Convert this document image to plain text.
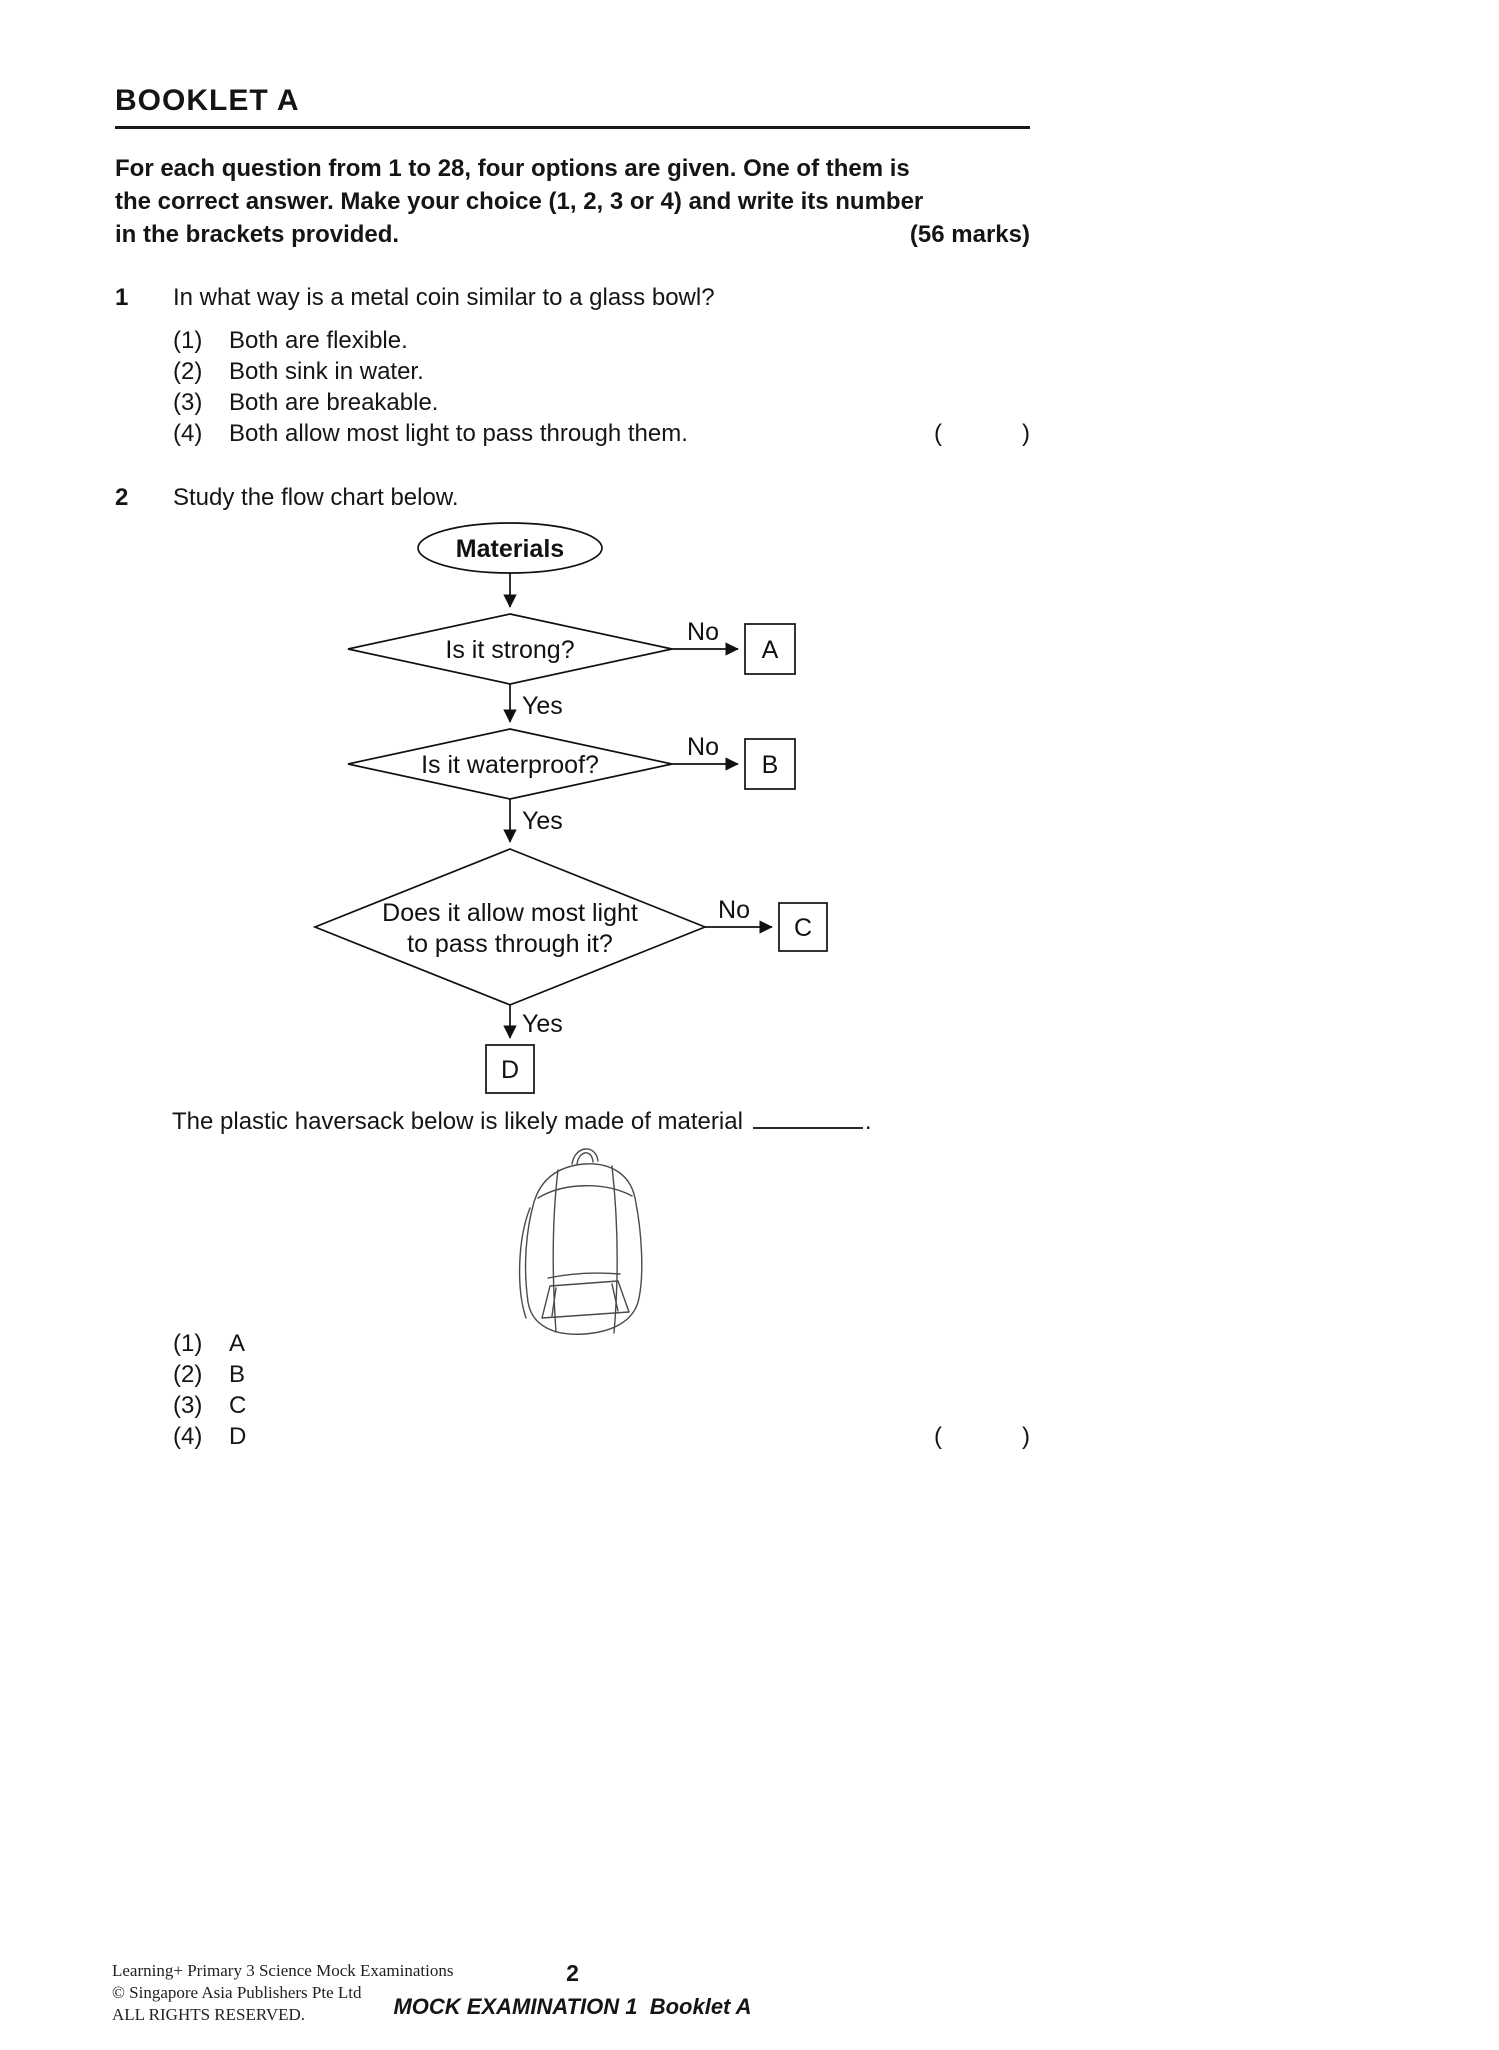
BOOKLET A
For each question from 1 to 28, four options are given. One of them is
the correct answer. Make your choice (1, 2, 3 or 4) and write its number
in the brackets provided.	(56 marks)
1	In what way is a metal coin similar to a glass bowl?
(1)	Both are flexible.
(2)	Both sink in water.
(3)	Both are breakable.
(4)	Both allow most light to pass through them.	(            )
2	Study the flow chart below.
Materials
Is it strong?
Is it waterproof?
Does it allow most light
to pass through it?
No
No
No
Yes
Yes
Yes
A
B
C
D
The plastic haversack below is likely made of material	.
(1)	A
(2)	B
(3)	C
(4)	D	(            )
Learning+ Primary 3 Science Mock Examinations
© Singapore Asia Publishers Pte Ltd
ALL RIGHTS RESERVED.
2
MOCK EXAMINATION 1  Booklet A
